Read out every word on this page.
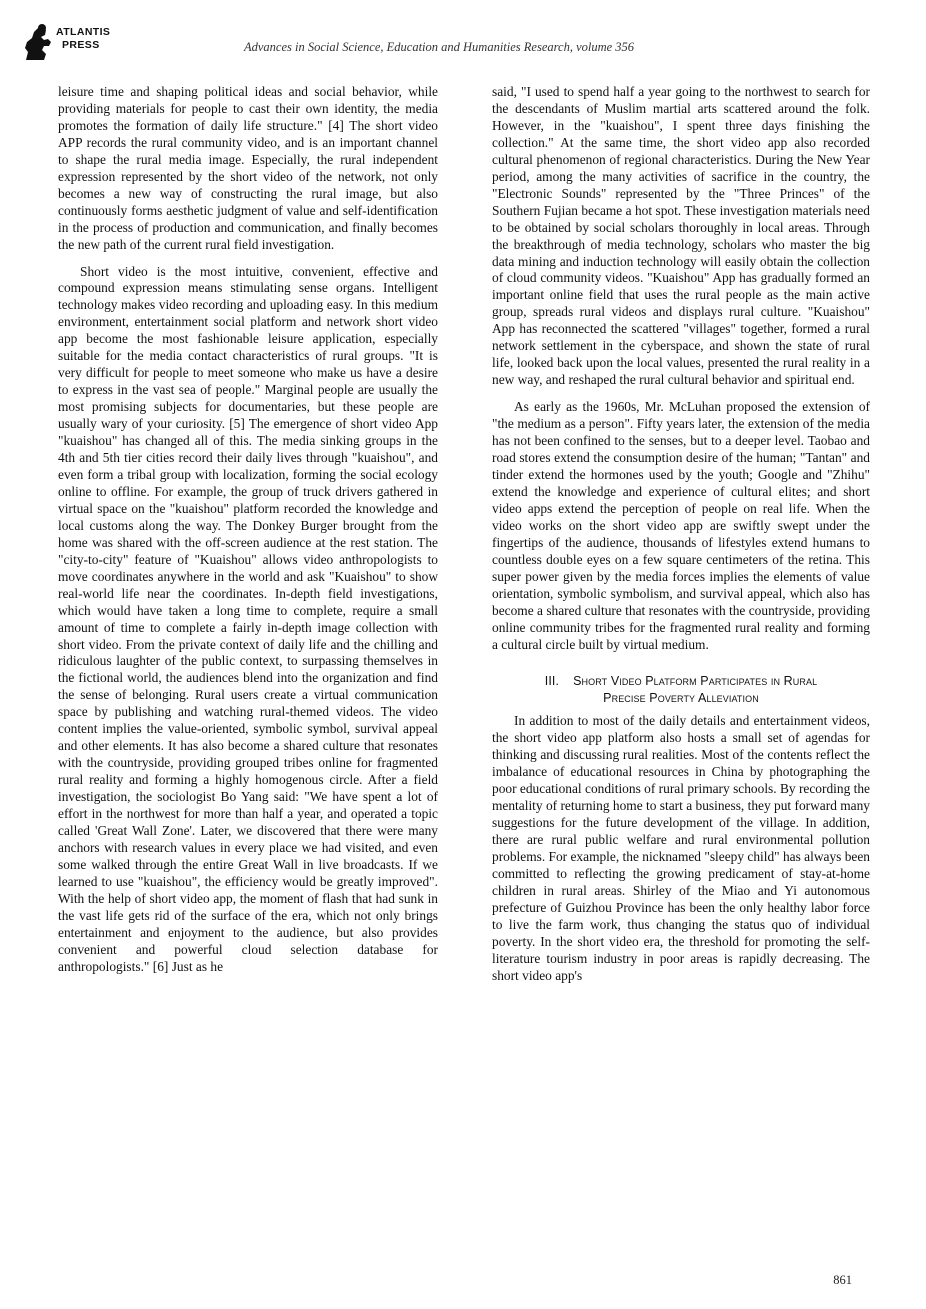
ATLANTIS
PRESS	Advances in Social Science, Education and Humanities Research, volume 356

leisure time and shaping political ideas and social behavior, while providing materials for people to cast their own identity, the media promotes the formation of daily life structure." [4] The short video APP records the rural community video, and is an important channel to shape the rural media image. Especially, the rural independent expression represented by the short video of the network, not only becomes a new way of constructing the rural image, but also continuously forms aesthetic judgment of value and self-identification in the process of production and communication, and finally becomes the new path of the current rural field investigation.

Short video is the most intuitive, convenient, effective and compound expression means stimulating sense organs. Intelligent technology makes video recording and uploading easy. In this medium environment, entertainment social platform and network short video app become the most fashionable leisure application, especially suitable for the media contact characteristics of rural groups. "It is very difficult for people to meet someone who make us have a desire to express in the vast sea of people." Marginal people are usually the most promising subjects for documentaries, but these people are usually wary of your curiosity. [5] The emergence of short video App "kuaishou" has changed all of this. The media sinking groups in the 4th and 5th tier cities record their daily lives through "kuaishou", and even form a tribal group with localization, forming the social ecology online to offline. For example, the group of truck drivers gathered in virtual space on the "kuaishou" platform recorded the knowledge and local customs along the way. The Donkey Burger brought from the home was shared with the off-screen audience at the rest station. The "city-to-city" feature of "Kuaishou" allows video anthropologists to move coordinates anywhere in the world and ask "Kuaishou" to show real-world life near the coordinates. In-depth field investigations, which would have taken a long time to complete, require a small amount of time to complete a fairly in-depth image collection with short video. From the private context of daily life and the chilling and ridiculous laughter of the public context, to surpassing themselves in the fictional world, the audiences blend into the organization and find the sense of belonging. Rural users create a virtual communication space by publishing and watching rural-themed videos. The video content implies the value-oriented, symbolic symbol, survival appeal and other elements. It has also become a shared culture that resonates with the countryside, providing grouped tribes online for fragmented rural reality and forming a highly homogenous circle. After a field investigation, the sociologist Bo Yang said: "We have spent a lot of effort in the northwest for more than half a year, and operated a topic called 'Great Wall Zone'. Later, we discovered that there were many anchors with research values in every place we had visited, and even some walked through the entire Great Wall in live broadcasts. If we learned to use "kuaishou", the efficiency would be greatly improved". With the help of short video app, the moment of flash that had sunk in the vast life gets rid of the surface of the era, which not only brings entertainment and enjoyment to the audience, but also provides convenient and powerful cloud selection database for anthropologists." [6] Just as he

said, "I used to spend half a year going to the northwest to search for the descendants of Muslim martial arts scattered around the folk. However, in the "kuaishou", I spent three days finishing the collection." At the same time, the short video app also recorded cultural phenomenon of regional characteristics. During the New Year period, among the many activities of sacrifice in the country, the "Electronic Sounds" represented by the "Three Princes" of the Southern Fujian became a hot spot. These investigation materials need to be obtained by social scholars thoroughly in local areas. Through the breakthrough of media technology, scholars who master the big data mining and induction technology will easily obtain the collection of cloud community videos. "Kuaishou" App has gradually formed an important online field that uses the rural people as the main active group, spreads rural videos and displays rural culture. "Kuaishou" App has reconnected the scattered "villages" together, formed a rural network settlement in the cyberspace, and shown the state of rural life, looked back upon the local values, presented the rural reality in a new way, and reshaped the rural cultural behavior and spiritual end.

As early as the 1960s, Mr. McLuhan proposed the extension of "the medium as a person". Fifty years later, the extension of the media has not been confined to the senses, but to a deeper level. Taobao and road stores extend the consumption desire of the human; "Tantan" and tinder extend the hormones used by the youth; Google and "Zhihu" extend the knowledge and experience of cultural elites; and short video apps extend the perception of people on real life. When the video works on the short video app are swiftly swept under the fingertips of the audience, thousands of lifestyles extend humans to countless double eyes on a few square centimeters of the retina. This super power given by the media forces implies the elements of value orientation, symbolic symbolism, and survival appeal, which also has become a shared culture that resonates with the countryside, providing online community tribes for the fragmented rural reality and forming a cultural circle built by virtual medium.

III. Short Video Platform Participates in Rural
Precise Poverty Alleviation

In addition to most of the daily details and entertainment videos, the short video app platform also hosts a small set of agendas for thinking and discussing rural realities. Most of the contents reflect the imbalance of educational resources in China by photographing the poor educational conditions of rural primary schools. By recording the mentality of returning home to start a business, they put forward many suggestions for the future development of the village. In addition, there are rural public welfare and rural environmental pollution problems. For example, the nicknamed "sleepy child" has always been committed to reflecting the growing predicament of stay-at-home children in rural areas. Shirley of the Miao and Yi autonomous prefecture of Guizhou Province has been the only healthy labor force to live the farm work, thus changing the status quo of individual poverty. In the short video era, the threshold for promoting the self-literature tourism industry in poor areas is rapidly decreasing. The short video app's

861
